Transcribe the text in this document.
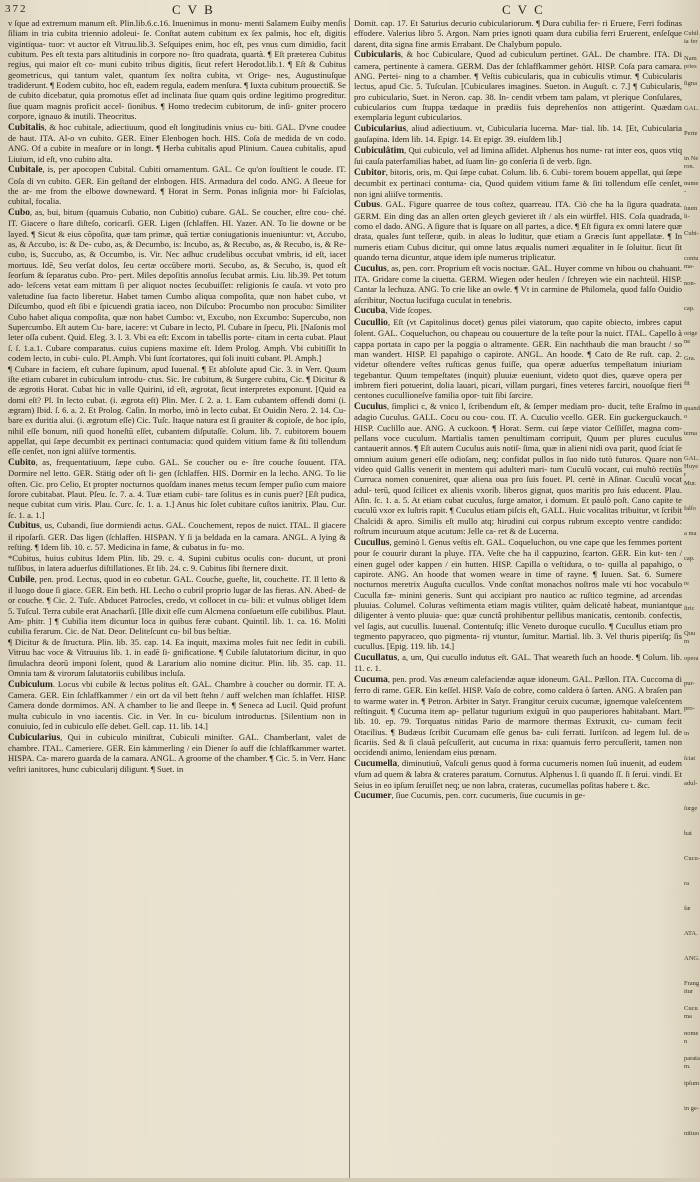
372	C V B	C V C

v ſque ad extremum manum eſt. Plin.lib.6.c.16. Inuenimus in monu- menti Salamem Euiby menſis ſiliam in tria cubita triennio adoleui- ſe. Conſtat autem cubitum ex ſex palmis, hoc eſt, digitis vigintiqua- tuor: vt auctor eſt Vitruu.lib.3. Seſquipes enim, hoc eſt, pes vnus cum dimidio, facit cubitum. Pes eſt texta pars altitudinis in corpore no- ſtro quadrata, quartà. ¶ Eſt præterea Cubitus regius, qui maior eſt co- muni cubito tribus digitis, ſicut refert Herodot.lib.1. ¶ Eſt & Cubitus geometricus, qui tantum valet, quantum ſex noſtra cubita, vt Orige- nes, Augustinuſque tradiderunt. ¶ Eodem cubito, hoc eſt, eadem regula, eadem menſura. ¶ Iuxta cubitum prouectiß. Se de cubito dicebatur, quia promotus eſſet ad inclinata ſiue quam quis ordine legitimo progreditur. ſiue quam magnis proficit accel- ſionibus. ¶ Homo tredecim cubitorum, de inſi- gniter procero corpore, ignauo & inutili. Theocritus.

Cubitalis, & hoc cubitale, adiectiuum, quod eſt longitudinis vnius cu- biti. GAL. D'vne coudee de haut. ITA. Al-o vn cubito. GER. Einer Elenbogen hoch. HIS. Coſa de medida de vn codo. ANG. Of a cubite in meaſure or in longt. ¶ Herba cubitalis apud Plinium. Cauea cubitalis, apud Liuium, id eſt, vno cubito alta.

Cubitale, is, per apocopen Cubital. Cubiti ornamentum. GAL. Ce qu'on ſouſtient le coude. IT. Coſa di vn cubito. GER. Ein geſtand der elnbogen. HIS. Armadura del codo. ANG. A ſleeue for the ar- me from the elbowe downeward. ¶ Horat in Serm. Ponas inſignia mor- bi Faſciolas, cubital, focalia.

Cubo, as, bui, bitum (quamuis Cubatio, non Cubitio) cubare. GAL. Se coucher, eſtre cou- ché. IT. Giacere o ſtare diſteſo, coricarſi. GER. Ligen (ſchlaffen. HI. Yazer. AN. To lie downe or be layed. ¶ Sicut & eius cõpoſita, quæ tam primæ, quā tertiæ coniugationis inueniuntur: vt, Accubo, as, & Accubo, is: & De- cubo, as, & Decumbo, is: Incubo, as, & Recubo, as, & Recubo, is, & Re- cubo, is, Succubo, as, & Occumbo, is. Vir. Nec adhuc crudelibus occubat vmbris, id eſt, iacet mortuus. Idē, Seu verſat dolos, ſeu certæ occūbere morti. Secubo, as, & Secubo, is, quod eſt ſeorſum & ſeparatus cubo. Pro- pert. Miles depoſitis annoſus ſecubat armis. Liu. lib.39. Pet totum ado- leſcens vetat eam mittam ſi per aliquot noctes ſecubuiſſet: religionis ſe cauſa. vt voto pro valetudine ſua facto liberetur. Habet tamen Cumbo aliqua compoſita, quæ non habet cubo, vt Diſcumbo, quod eſt ſibi e ſpicuendi gratia iaceo, non Diſcubo: Procumbo non procubo: Similiter Cubo habet aliqua compoſita, quæ non habet Cumbo: vt, Excubo, non Excumbo: Supercubo, non Supercumbo. Eſt autem Cu- bare, iacere: vt Cubare in lecto, Pl. Cubare in ſpecu, Pli. [Naſonis mol leter oſſa cubent. Quid. Eleg. 3. l. 3. Vbi ea eſt: Excom in tabellis porte- citam in certa cubat. Plaut ſ. ſ. 1.a.1. Cubare comparatus. cuius cupiens maxime eſt. Idem Prolog. Amph. Vbi cubitiſſit In codem lecto, in cubi- culo. Pl. Amph. Vbi ſunt ſcortatores, qui ſoli inuiti cubant. Pl. Amph.]

¶ Cubare in faciem, eſt cubare ſupinum, apud Iuuenal. ¶ Et abſolute apud Cic. 3. in Verr. Quum iſte etiam cubaret in cubiculum introdu- ctus. Sic. Ire cubitum, & Surgere cubitu, Cic. ¶ Dicitur & de ægrotis Horat. Cubat hic in valle Quirini, id eſt, ægrotat, ſicut interpretes exponunt. [Quid ea domi eſt? Pl. In lecto cubat. (i. ægrota eſt) Plin. Mer. ſ. 2. a. 1. Eam cubantem offendi domi (i. ægram) Ibid. ſ. 6. a. 2. Et Prolog. Caſin. In morbo, imò in lecto cubat. Et Ouidin Nero. 2. 14. Cu- bare ex duritia alui. (i. ægrotum eſſe) Cic. Tuſc. Itaque natura est ſi grauiter & copioſe, de hoc ipſo, nihil eſſe bonum, niſi quod honeſtū eſſet, cubantem diſputaſſe. Colum. lib. 7. cubitorem bouem appellat, qui ſæpe decumbit ex pertinaci contumacia: quod quidem vitium fame & ſiti tollendum eſſe cenſet, non igni aliiſve tormentis.

Cubito, as, frequentatiuum, ſæpe cubo. GAL. Se coucher ou e- ſtre couche ſouuent. ITA. Dormire nel letto. GER. Stätig oder oft li- gen (ſchlaffen. HIS. Dormir en la lecho. ANG. To lie often. Cic. pro Celio, Et propter nocturnos quoſdam inanes metus tecum ſemper puſio cum maiore ſorore cubitabat. Plaut. Pſeu. ſc. 7. a. 4. Tuæ etiam cubi- tare ſolitus es in cunis puer? [Eſt pudica, neque cubitat cum viris. Plau. Curc. ſc. 1. a. 1.] Anus hic ſolet cubitare cuſtos ianitrix. Plau. Cur. ſc. 1. a. 1.]

Cubitus, us, Cubandi, ſiue dormiendi actus. GAL. Couchement, repos de nuict. ITAL. Il giacere il ripoſarſi. GER. Das ligen (ſchlaffen. HISPAN. Y ſi ja beldada en la camara. ANGL. A lying & reſting. ¶ Idem lib. 10. c. 57. Medicina in fame, & cubatus in fu- mo.

*Cubitus, huius cubitus Idem Plin. lib. 29. c. 4. Supini cubitus oculis con- ducunt, ut proni tuſſibus, in latera aduerſus diſtillationes. Et lib. 24. c. 9. Cubitus ſibi ſternere dixit.

Cubile, pen. prod. Lectus, quod in eo cubetur. GAL. Couche, gueſte, lit, couchette. IT. Il letto & il luogo doue ſi giace. GER. Ein beth. HI. Lecho o cubril proprio lugar de las fieras. AN. Abed- de or couche. ¶ Cic. 2. Tuſc. Abducet Patrocles, credo, vt collocet in cu- bili: et vulnus obliget Idem 5. Tuſcul. Terra cubile erat Anacharſi. [Ille dixit eſſe cum Alcmena conſuetum eſſe cubilibus. Plaut. Am- phitr. ] ¶ Cubilia item dicuntur loca in quibus feræ cubant. Quintil. lib. 1. ca. 16. Moliti cubilia ferarum. Cic. de Nat. Deor. Deliteſcunt cu- bil bus beſtiæ.

¶ Dicitur & de ſtructura. Plin. lib. 35. cap. 14. Ea inquit, maxima moles fuit nec ſedit in cubili. Vitruu hac voce & Vitruuius lib. 1. in eadē ſi- gnificatione. ¶ Cubile ſalutatorium dicitur, in quo ſimulachra deorū imponi ſolent, quod & Lararium alio nomine dicitur. Plin. lib. 35. cap. 11. Omnia tam & virorum ſalutatoriis cubilibus incluſa.

Cubiculum. Locus vbi cubile & lectus politus eſt. GAL. Chambre à coucher ou dormir. IT. A. Camera. GER. Ein ſchlaffkammer / ein ort da vil bett ſtehn / auff welchen man ſchlaffet. HISP. Camera donde dormimos. AN. A chamber to lie and ſleepe in. ¶ Seneca ad Lucil. Quid profunt multa cubiculo in vno iacentis. Cic. in Ver. In cu- biculum introductus. [Silentium non in conuiuio, ſed in cubiculo eſſe debet. Gell. cap. 11. lib. 14.]

Cubicularius, Qui in cubiculo miniſtrat, Cubiculi miniſter. GAL. Chamberlant, valet de chambre. ITAL. Cameriere. GER. Ein kämmerling / ein Diener ſo auff die ſchlaffkammer wartet. HISPA. Ca- marero guarda de la camara. ANGL. A groome of the chamber. ¶ Cic. 5. in Verr. Hanc veſtri ianitores, hunc cubicularij diligunt. ¶ Suet. in

Domit. cap. 17. Et Saturius decurio cubiculariorum. ¶ Dura cubilia fer- ri Eruere, Ferri fodinas effodere. Valerius libro 5. Argon. Nam pries ignoti quam dura cubilia ferri Eruerent, enſeſque darent, dita signa fine armis Errabant. De Chalybum populo.

Cubicularis, & hoc Cubiculare, Quod ad cubiculum pertinet. GAL. De chambre. ITA. Di camera, pertinente à camera. GERM. Das der ſchlaffkammer gehört. HISP. Coſa para camara. ANG. Pertei- ning to a chamber. ¶ Veſtis cubicularis, qua in cubiculis vtimur. ¶ Cubicularis lectus, apud Cic. 5. Tuſculan. [Cubiculares imagines. Sueton. in Auguſt. c. 7.] ¶ Cubicularis, pro cubiculario, Suet. in Neron. cap. 38. In- cendit vrbem tam palam, vt plerique Conſulares, cubicularios cum ſtuppa tædaque in prædiis fuis deprehenſos non attigerint. Quædam exemplaria legunt cubicularios.

Cubicularius, aliud adiectiuum. vt, Cubicularia lucerna. Mar- tial. lib. 14. [Et, Cubicularia gauſapina. Idem lib. 14. Epigr. 14. Et epigr. 39. eiuſdem lib.]

Cubiculâtim, Qui cubiculo, vel ad limina aſſidet. Alphenus hos nume- rat inter eos, quos vtiq ſui cauſa paterfamilias habet, ad ſuam lin- go conſeria ſi de verb. ſign.

Cubitor, bitoris, oris, m. Qui ſæpe cubat. Colum. lib. 6. Cubi- torem bouem appellat, qui ſæpe decumbit ex pertinaci contuma- cia, Quod quidem vitium fame & ſiti tollendum eſſe cenſet, non igni aliiſve tormentis.

Cubus. GAL. Figure quarree de tous coſtez, quarreau. ITA. Ciò che ha la ſigura quadrata. GERM. Ein ding das an allen orten gleych gevieret iſt / als ein würffel. HIS. Coſa quadrada, como el dado. ANG. A ſigure that is ſquare on all partes, a dice. ¶ Eſt figura ex omni latere quæ drata, quales ſunt teſſeræ, quib. in aleas lo luditur, quæ etiam a Græcis ſunt appellatæ. ¶ In numeris etiam Cubus dicitur, qui omne latus æqualis numeri æqualiter in ſe ſoluitur. ſicut ſit quando terna dicuntur, atque idem ipſe numerus triplicatur.

Cuculus, as, pen. corr. Proprium eſt vocis noctuæ. GAL. Huyer comme vn hibou ou chahuant. ITA. Gridare come la ciuetta. GERM. Wiegen oder heulen / ſchreyen wie ein nachteül. HISP. Cantar la lechuza. ANG. To crie like an owle. ¶ Vt in carmine de Philomela, quod falſo Ouidio aſcribitur, Noctua lucifuga cuculat in tenebris.

Cucuba, Vide ſcopes.

Cucullio, Eſt (vt Capitolinus docet) genus pilei viatorum, quo capite obiecto, imbres caput ſolent. GAL. Coqueluchon, ou chapeau ou couuerture de la teſte pour la nuict. ITAL. Capello à cappa portata in capo per la poggia o altramente. GER. Ein nachthaub die man braucht / so man wandert. HISP. El papahigo o capirote. ANGL. An hoode. ¶ Cato de Re ruſt. cap. 2. videtur oſtendere veſtes ruſticas genus fuiſſe, qua operæ aduerſus tempeſtatum iniuriam tegebantur. Quum tempeſtates (inquit) pluuiæ eueniunt, videto quot dies, quæve opera per imbrem fieri potuerint, dolia lauari, picari, villam purgari, fines veteres farciri, nouoſque fieri centones cucullioneſve familia opor- tuit ſibi ſarcire.

Cuculus, ſimplici c, & vnico l, ſcribendum eſt, & ſemper mediam pro- ducit, teſte Eraſmo in adagio Cuculus. GALL. Cocu ou cou- cou. IT. A. Cuculio vcello. GER. Ein guckerguckauch. HISP. Cuclillo aue. ANG. A cuckoon. ¶ Horat. Serm. cui ſæpe viator Ceſſiſſet, magna com- pellans voce cuculum. Martialis tamen penultimam corripuit, Quum per plures cuculus cantauerit annos. ¶ Eſt autem Cuculus auis notiſ- ſima, quæ in alieni nidi ova parit, quod ſciat ſe omnium auium generi eſſe odioſam, neq; confidat pullos in ſuo nido tutò futuros. Quare non video quid Gallis venerit in mentem qui adulteri mari- tum Cuculū vocant, cui multò rectiùs Curruca nomen conueniret, quæ aliena oua pro ſuis fouet. Pl. certè in Aſinar. Cuculū vocat adul- terū, quod ſcilicet ex alienis vxorib. liberos gignat, quos maritis pro ſuis educent. Plau. Aſin. ſc. 1. a. 5. At etiam cubat cuculus, ſurge amator, i domum. Et paulò poſt. Cano capite te cuculū vxor ex luſtris rapit. ¶ Cuculus etiam piſcis eſt, GALL. Huic vocalitas tribuitur, vt ſcribit Chalcidi & apro. Similis eſt mullo atq; hirudini cui corpus rubrum excepto ventre candido: roſtrum incuruum atque acutum: Jelle ca- ret & de Lucerna.

Cucullus, geminò l. Genus veſtis eſt. GAL. Coqueluchon, ou vne cape que les femmes portent pour ſe couurir durant la pluye. ITA. Veſte che ha il cappuzino, ſcarton. GER. Ein kut- ten / einen gugel oder kappen / ein hutten. HISP. Capilla o veſtidura, o to- quilla al papahigo, o capirote. ANG. An hoode that women weare in time of rayne. ¶ Iuuen. Sat. 6. Sumere nocturnos meretrix Auguſta cucullos. Vnde conſtat monachos noſtros male vti hoc vocabulo Cuculla fæ- minini generis. Sunt qui accipiant pro nautico ac ruſtico tegmine, ad arcendas pluuias. Columel. Coluras veſtimenta etiam magis vtiliter, quàm delicatè habeat, muniantque diligenter à vento pluuia- que: quæ cunctâ prohibentur pellibus manicatis, centonib. confectis, vel ſagis, aut cucullis. Iuuenal. Contentuſq; illic Veneto duroque cucullo. ¶ Cucullus etiam pro tegmento papyraceo, quo pigmenta- rij vtuntur, ſumitur. Martial. lib. 3. Vel thuris piperiſq; ſis cucullus. [Epig. 119. lib. 14.]

Cucullatus, a, um, Qui cucullo indutus eſt. GAL. That weareth ſuch an hoode. ¶ Colum. lib. 11. c. 1.

Cucuma, pen. prod. Vas æneum calefaciendæ aquæ idoneum. GAL. Pællon. ITA. Cuccoma di ferro di rame. GER. Ein keſſel. HISP. Vaſo de cobre, como caldera ò ſarten. ANG. A braſen pan to warme water in. ¶ Petron. Arbiter in Satyr. Frangitur ceruix cucumæ, ignemque valeſcentem reſtinguit. ¶ Cucuma item ap- pellatur tugurium exiguũ in quo pauperiores habitabant. Mart. lib. 10. ep. 79. Torquatus nitidas Pario de marmore thermas Extruxit, cu- cumam fecit Otacilius. ¶ Budæus ſcribit Cucumam eſſe genus ba- culi ferrati. Iuriſcon. ad legem Iul. de ſicariis. Sed & ſi clauã peſcuſſerit, aut cucuma in rixa: quamuis ferro percuſſerit, tamen non occidendi animo, leniendam eius pœnam.

Cucumella, diminutiuũ, Vaſculi genus quod à forma cucumeris nomen ſuũ inuenit, ad eudem vſum ad quem & labra & crateres paratum. Cornutus. Alphenus l. ſi quando ſſ. ſi ſerui. vindi. Et Seius in eo ipſum ſeruiſſet neq; ue non labra, crateras, cucumellas poſitas habere t. &c.

Cucumer, ſiue Cucumis, pen. corr. cucumeris, ſiue cucumis in ge-

Cubilia fer
Nam pries
ſigna
GAL.
Perte
in Neron.
nume-
ſuum li-
Cubi-
contuma-
non-
cap.
origene
Gra.
fit
quando
terna
GAL. Huyer
Mur.
falſo
a ma
cap.
re
ſtric
Quum
opera
pur-
pro-
in
ſciat
adul-
ſurge
bat
Cucu-
ra
fæ
ATA.
ANG.
Frangitur
Cucuma
nomen
paratam.
ipſum
in ge-
nitiuo
